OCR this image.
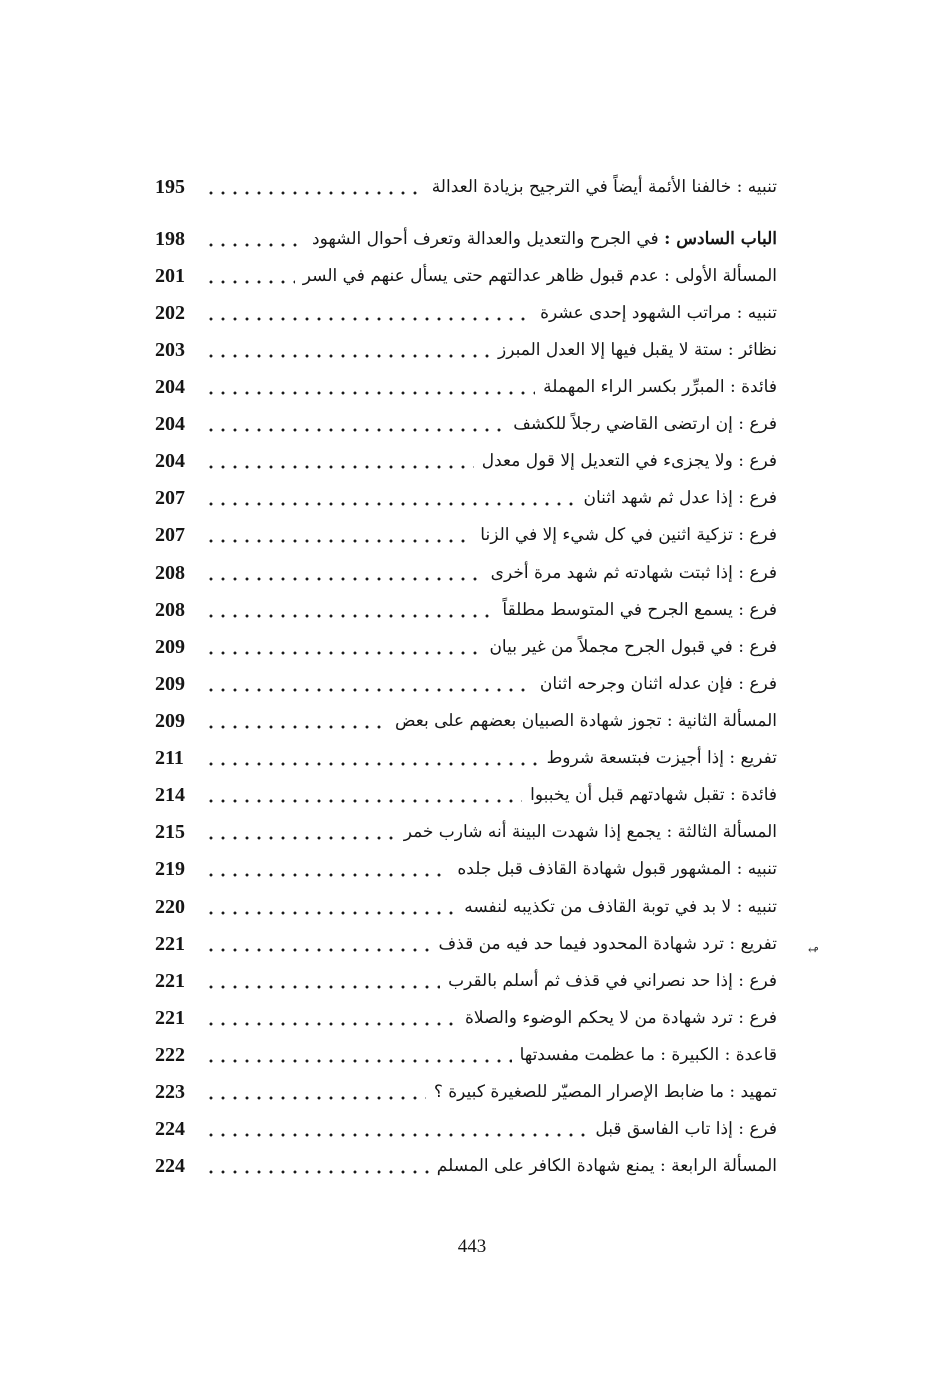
195	تنبيه : خالفنا الأئمة أيضاً في الترجيح بزيادة العدالة
198	الباب السادس : في الجرح والتعديل والعدالة وتعرف أحوال الشهود
201	المسألة الأولى : عدم قبول ظاهر عدالتهم حتى يسأل عنهم في السر
202	تنبيه : مراتب الشهود إحدى عشرة
203	نظائر : ستة لا يقبل فيها إلا العدل المبرز
204	فائدة : المبرِّر بكسر الراء المهملة
204	فرع : إن ارتضى القاضي رجلاً للكشف
204	فرع : ولا يجزىء في التعديل إلا قول معدل
207	فرع : إذا عدل ثم شهد اثنان
207	فرع : تزكية اثنين في كل شيء إلا في الزنا
208	فرع : إذا ثبتت شهادته ثم شهد مرة أخرى
208	فرع : يسمع الجرح في المتوسط مطلقاً
209	فرع : في قبول الجرح مجملاً من غير بيان
209	فرع : فإن عدله اثنان وجرحه اثنان
209	المسألة الثانية : تجوز شهادة الصبيان بعضهم على بعض
211	تفريع : إذا أجيزت فبتسعة شروط
214	فائدة : تقبل شهادتهم قبل أن يخببوا
215	المسألة الثالثة : يجمع إذا شهدت البينة أنه شارب خمر
219	تنبيه : المشهور قبول شهادة القاذف قبل جلده
220	تنبيه : لا بد في توبة القاذف من تكذيبه لنفسه
221	تفريع : ترد شهادة المحدود فيما حد فيه من قذف
221	فرع : إذا حد نصراني في قذف ثم أسلم بالقرب
221	فرع : ترد شهادة من لا يحكم الوضوء والصلاة
222	قاعدة : الكبيرة : ما عظمت مفسدتها
223	تمهيد : ما ضابط الإصرار المصيّر للصغيرة كبيرة ؟
224	فرع : إذا تاب الفاسق قبل
224	المسألة الرابعة : يمنع شهادة الكافر على المسلم
↫
443
